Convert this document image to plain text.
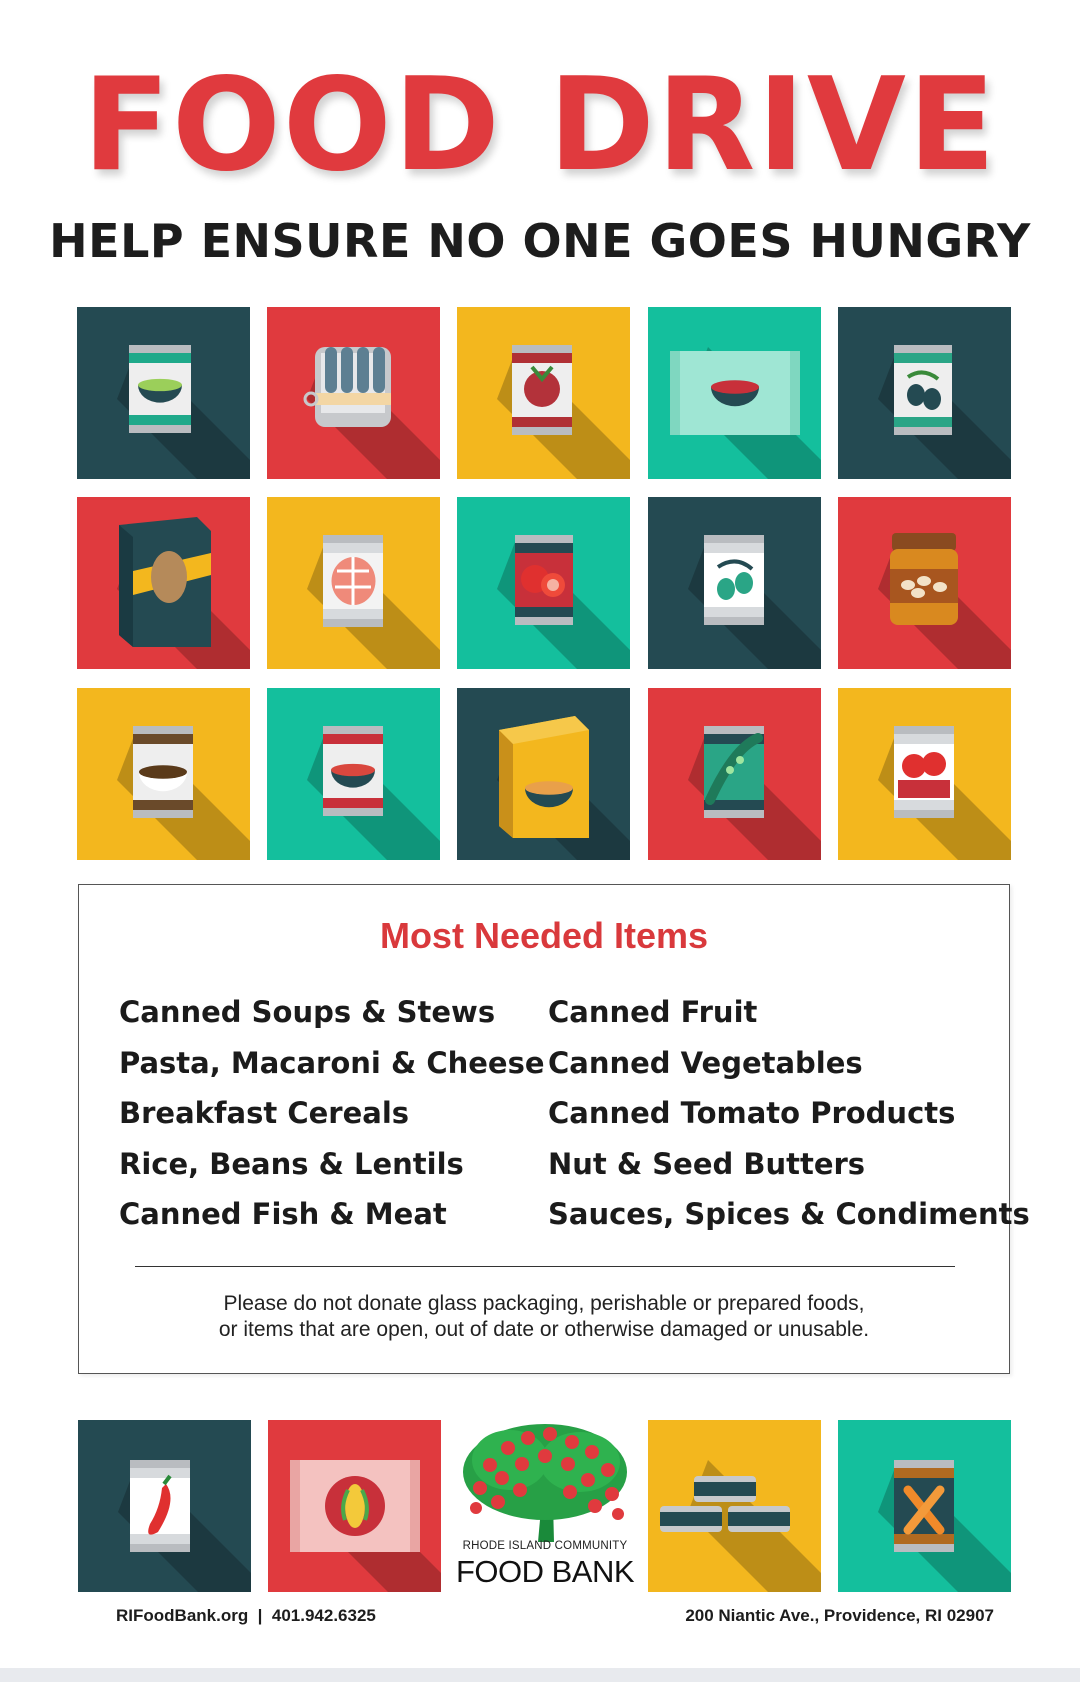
FOOD DRIVE
HELP ENSURE NO ONE GOES HUNGRY
Most Needed Items
Canned Soups & Stews
Pasta, Macaroni & Cheese
Breakfast Cereals
Rice, Beans & Lentils
Canned Fish & Meat
Canned Fruit
Canned Vegetables
Canned Tomato Products
Nut & Seed Butters
Sauces, Spices & Condiments
Please do not donate glass packaging, perishable or prepared foods,
or items that are open, out of date or otherwise damaged or unusable.
RHODE ISLAND COMMUNITY
FOOD BANK
RIFoodBank.org  |  401.942.6325	200 Niantic Ave., Providence, RI 02907
